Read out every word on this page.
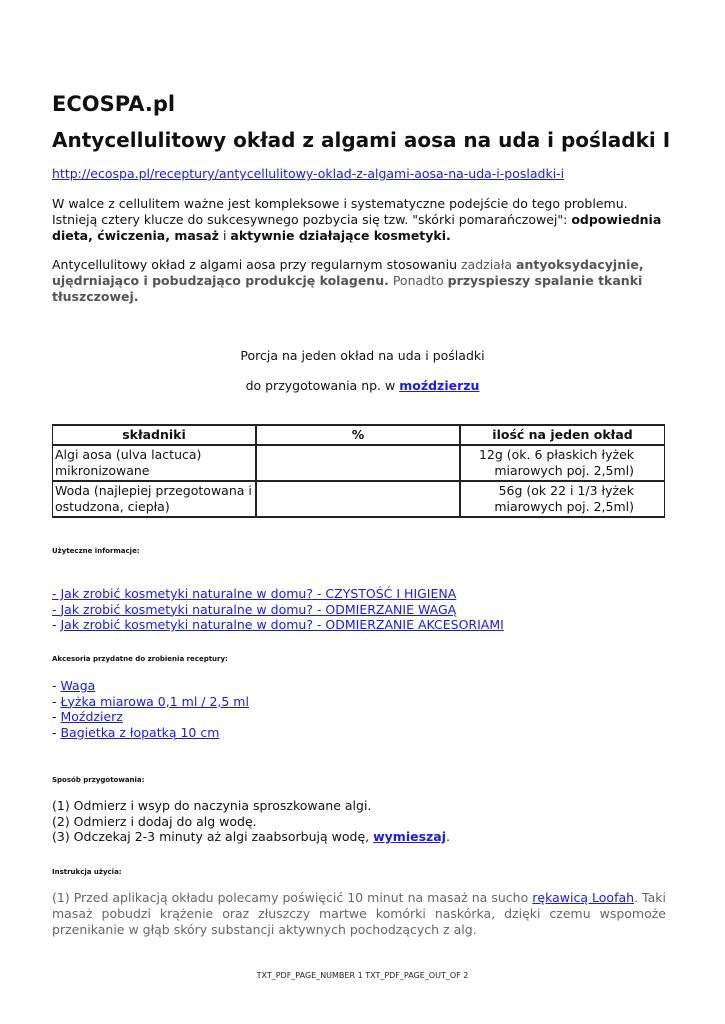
ECOSPA.pl
Antycellulitowy okład z algami aosa na uda i pośladki I
http://ecospa.pl/receptury/antycellulitowy-oklad-z-algami-aosa-na-uda-i-posladki-i
W walce z cellulitem ważne jest kompleksowe i systematyczne podejście do tego problemu. Istnieją cztery klucze do sukcesywnego pozbycia się tzw. "skórki pomarańczowej": odpowiednia dieta, ćwiczenia, masaż i aktywnie działające kosmetyki.
Antycellulitowy okład z algami aosa przy regularnym stosowaniu zadziała antyoksydacyjnie, ujędrniająco i pobudzająco produkcję kolagenu. Ponadto przyspieszy spalanie tkanki tłuszczowej.
Porcja na jeden okład na uda i pośladki
do przygotowania np. w moździerzu
składniki	%	ilość na jeden okład
Algi aosa (ulva lactuca) mikronizowane		12g (ok. 6 płaskich łyżek miarowych poj. 2,5ml)
Woda (najlepiej przegotowana i ostudzona, ciepła)		56g (ok 22 i 1/3 łyżek miarowych poj. 2,5ml)
Użyteczne informacje:
- Jak zrobić kosmetyki naturalne w domu? - CZYSTOŚĆ I HIGIENA
- Jak zrobić kosmetyki naturalne w domu? - ODMIERZANIE WAGĄ
- Jak zrobić kosmetyki naturalne w domu? - ODMIERZANIE AKCESORIAMI
Akcesoria przydatne do zrobienia receptury:
- Waga
- Łyżka miarowa 0,1 ml / 2,5 ml
- Moździerz
- Bagietka z łopatką 10 cm
Sposób przygotowania:
(1) Odmierz i wsyp do naczynia sproszkowane algi.
(2) Odmierz i dodaj do alg wodę.
(3) Odczekaj 2-3 minuty aż algi zaabsorbują wodę, wymieszaj.
Instrukcja użycia:
(1) Przed aplikacją okładu polecamy poświęcić 10 minut na masaż na sucho rękawicą Loofah. Taki masaż pobudzi krążenie oraz złuszczy martwe komórki naskórka, dzięki czemu wspomoże przenikanie w głąb skóry substancji aktywnych pochodzących z alg.
TXT_PDF_PAGE_NUMBER 1 TXT_PDF_PAGE_OUT_OF 2
